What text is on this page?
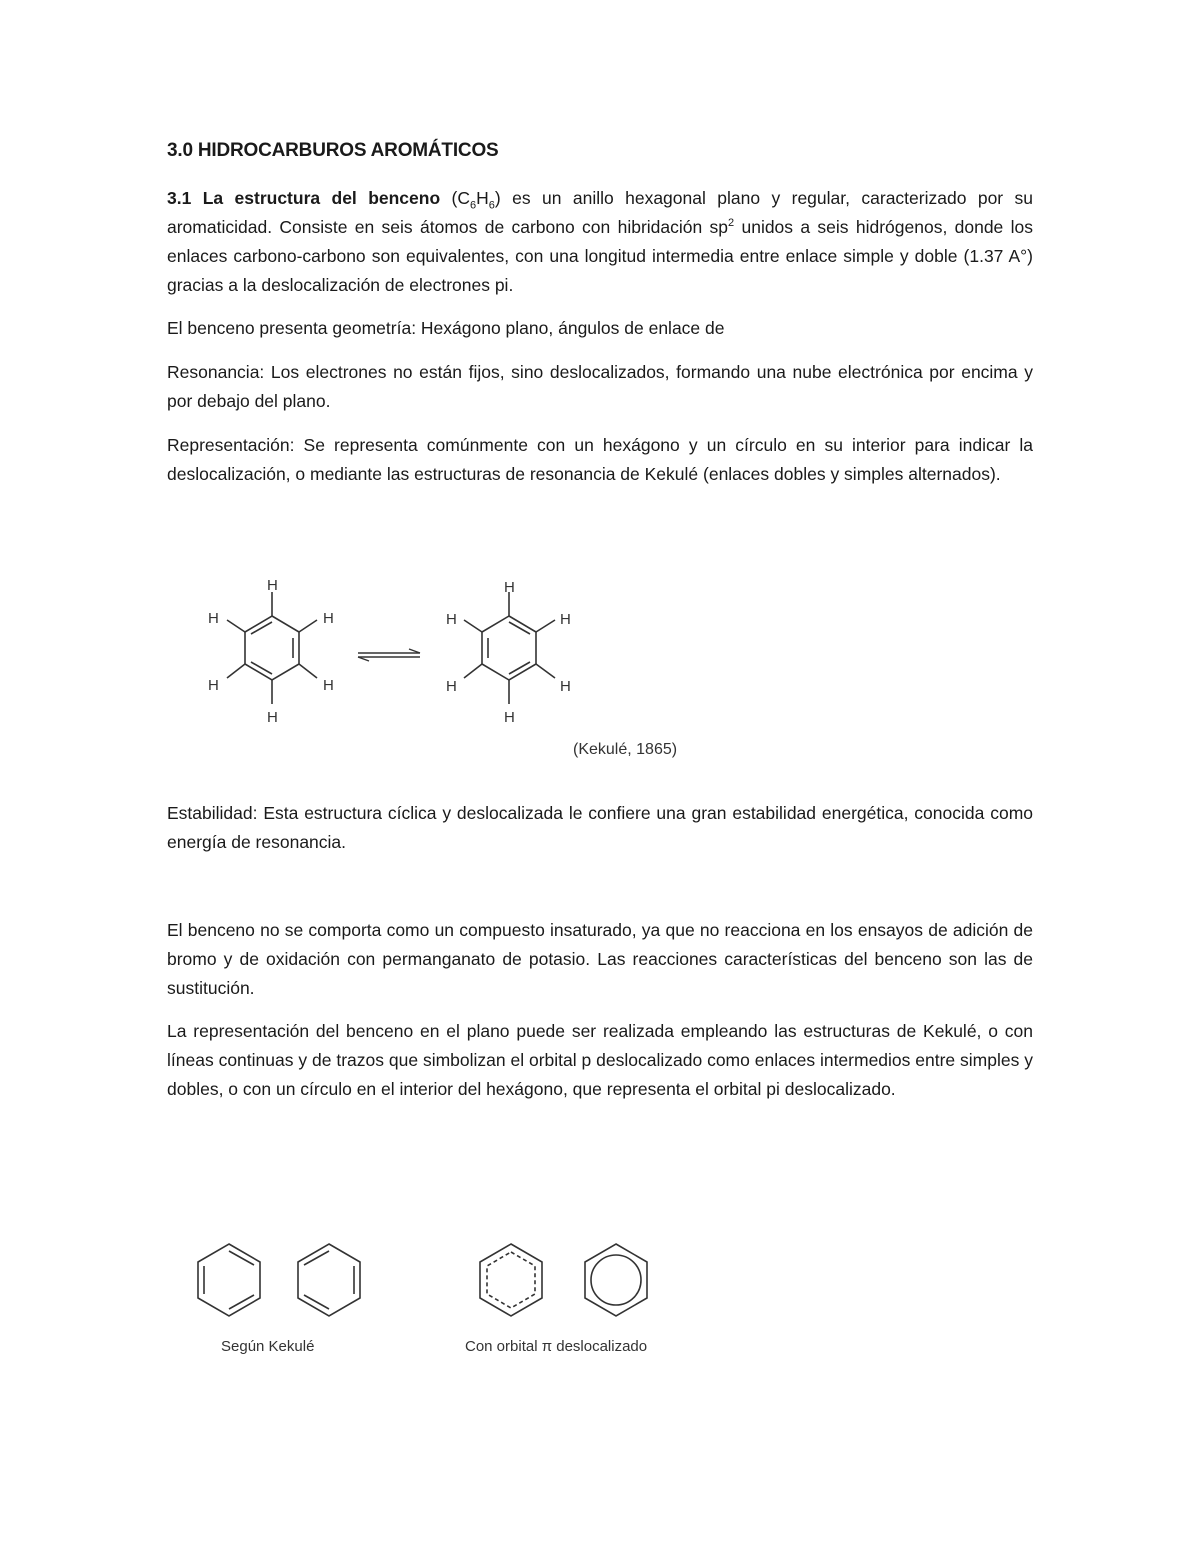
3.0 HIDROCARBUROS AROMÁTICOS
3.1 La estructura del benceno $(C_6H_6)$ es un anillo hexagonal plano y regular, caracterizado por su aromaticidad. Consiste en seis átomos de carbono con hibridación $sp^2$ unidos a seis hidrógenos, donde los enlaces carbono-carbono son equivalentes, con una longitud intermedia entre enlace simple y doble (1.37 A°) gracias a la deslocalización de electrones pi.
El benceno presenta geometría: Hexágono plano, ángulos de enlace de
Resonancia: Los electrones no están fijos, sino deslocalizados, formando una nube electrónica por encima y por debajo del plano.
Representación: Se representa comúnmente con un hexágono y un círculo en su interior para indicar la deslocalización, o mediante las estructuras de resonancia de Kekulé (enlaces dobles y simples alternados).
H
H
H
H
H
H
H
H
H
H
H
H
(Kekulé, 1865)
Estabilidad: Esta estructura cíclica y deslocalizada le confiere una gran estabilidad energética, conocida como energía de resonancia.
El benceno no se comporta como un compuesto insaturado, ya que no reacciona en los ensayos de adición de bromo y de oxidación con permanganato de potasio. Las reacciones características del benceno son las de sustitución.
La representación del benceno en el plano puede ser realizada empleando las estructuras de Kekulé, o con líneas continuas y de trazos que simbolizan el orbital p deslocalizado como enlaces intermedios entre simples y dobles, o con un círculo en el interior del hexágono, que representa el orbital pi deslocalizado.
Según Kekulé	Con orbital π deslocalizado
